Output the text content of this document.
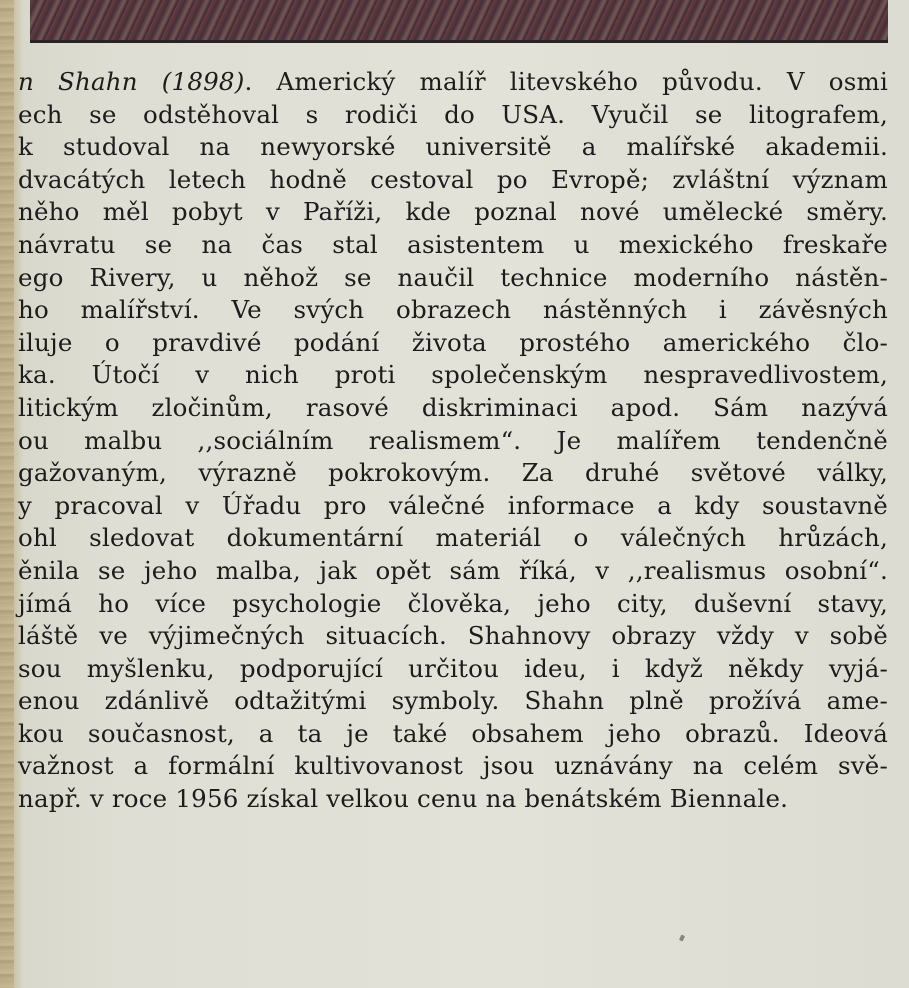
n Shahn (1898). Americký malíř litevského původu. V osmi
ech se odstěhoval s rodiči do USA. Vyučil se litografem,
k studoval na newyorské universitě a malířské akademii.
dvacátých letech hodně cestoval po Evropě; zvláštní význam
něho měl pobyt v Paříži, kde poznal nové umělecké směry.
návratu se na čas stal asistentem u mexického freskaře
ego Rivery, u něhož se naučil technice moderního nástěn-
ho malířství. Ve svých obrazech nástěnných i závěsných
iluje o pravdivé podání života prostého amerického člo-
ka. Útočí v nich proti společenským nespravedlivostem,
litickým zločinům, rasové diskriminaci apod. Sám nazývá
ou malbu ,,sociálním realismem“. Je malířem tendenčně
gažovaným, výrazně pokrokovým. Za druhé světové války,
y pracoval v Úřadu pro válečné informace a kdy soustavně
ohl sledovat dokumentární materiál o válečných hrůzách,
ěnila se jeho malba, jak opět sám říká, v ,,realismus osobní“.
jímá ho více psychologie člověka, jeho city, duševní stavy,
láště ve výjimečných situacích. Shahnovy obrazy vždy v sobě
sou myšlenku, podporující určitou ideu, i když někdy vyjá-
enou zdánlivě odtažitými symboly. Shahn plně prožívá ame-
kou současnost, a ta je také obsahem jeho obrazů. Ideová
važnost a formální kultivovanost jsou uznávány na celém svě-
např. v roce 1956 získal velkou cenu na benátském Biennale.
